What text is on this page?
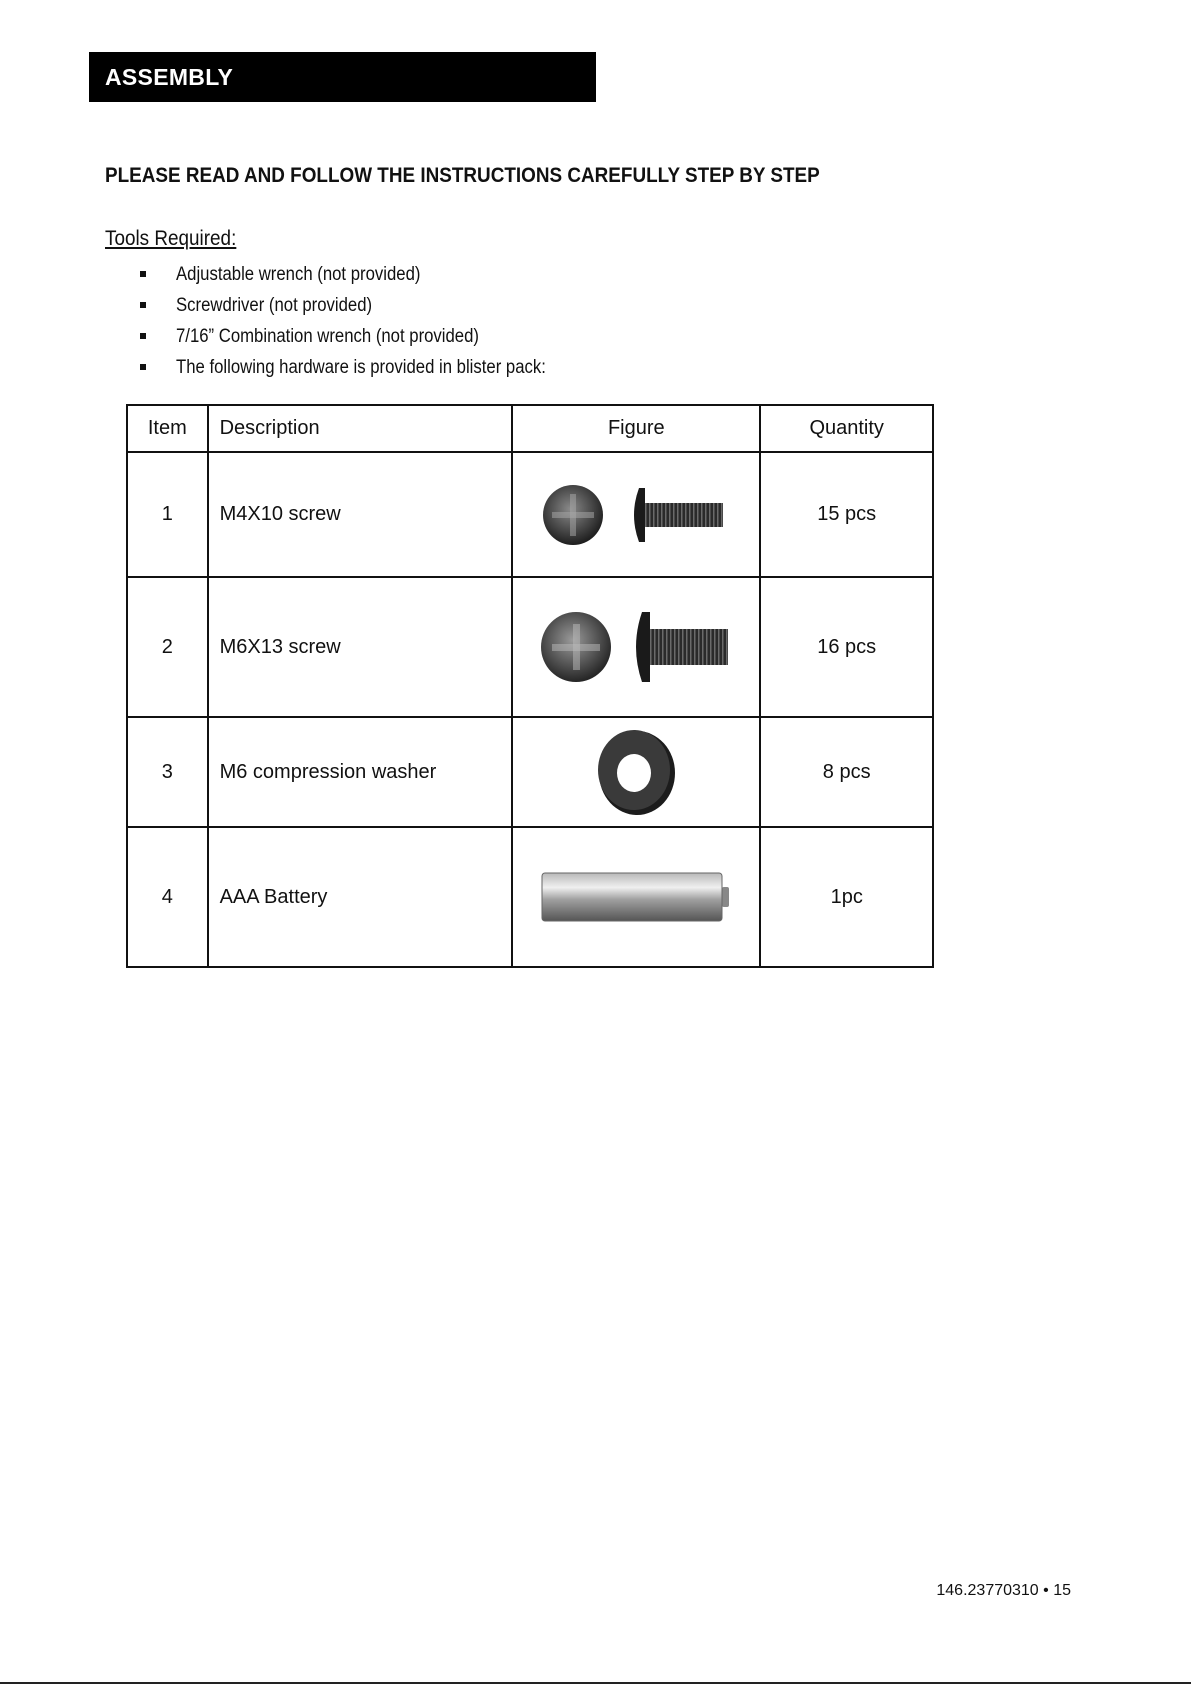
ASSEMBLY
PLEASE READ AND FOLLOW THE INSTRUCTIONS CAREFULLY STEP BY STEP
Tools Required:
Adjustable wrench (not provided)
Screwdriver (not provided)
7/16” Combination wrench (not provided)
The following hardware is provided in blister pack:
Item	Description	Figure	Quantity
1	M4X10 screw		15 pcs
2	M6X13 screw		16 pcs
3	M6 compression washer		8 pcs
4	AAA Battery		1pc
146.23770310 • 15
